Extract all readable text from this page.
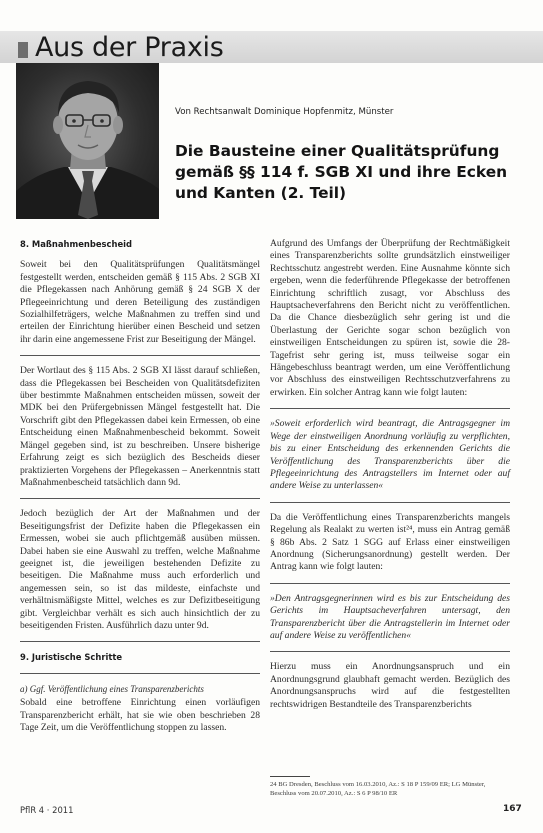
Aus der Praxis
Von Rechtsanwalt Dominique Hopfenmitz, Münster
Die Bausteine einer Qualitätsprüfung
gemäß §§ 114 f. SGB XI und ihre Ecken
und Kanten (2. Teil)
8. Maßnahmenbescheid

Soweit bei den Qualitätsprüfungen Qualitätsmängel festgestellt werden, entscheiden gemäß § 115 Abs. 2 SGB XI die Pflegekassen nach Anhörung gemäß § 24 SGB X der Pflegeeinrichtung und deren Beteiligung des zuständigen Sozialhilfeträgers, welche Maßnahmen zu treffen sind und erteilen der Einrichtung hierüber einen Bescheid und setzen ihr darin eine angemessene Frist zur Beseitigung der Mängel.

Der Wortlaut des § 115 Abs. 2 SGB XI lässt darauf schließen, dass die Pflegekassen bei Bescheiden von Qualitätsdefiziten über bestimmte Maßnahmen entscheiden müssen, soweit der MDK bei den Prüfergebnissen Mängel festgestellt hat. Die Vorschrift gibt den Pflegekassen dabei kein Ermessen, ob eine Entscheidung einen Maßnahmenbescheid bekommt. Soweit Mängel gegeben sind, ist zu beschreiben. Unsere bisherige Erfahrung zeigt es sich bezüglich des Bescheids dieser praktizierten Vorgehens der Pflegekassen – Anerkenntnis statt Maßnahmenbescheid tatsächlich dann 9d.

Jedoch bezüglich der Art der Maßnahmen und der Beseitigungsfrist der Defizite haben die Pflegekassen ein Ermessen, wobei sie auch pflichtgemäß ausüben müssen. Dabei haben sie eine Auswahl zu treffen, welche Maßnahme geeignet ist, die jeweiligen bestehenden Defizite zu beseitigen. Die Maßnahme muss auch erforderlich und angemessen sein, so ist das mildeste, einfachste und verhältnismäßigste Mittel, welches es zur Defizitbeseitigung gibt. Vergleichbar verhält es sich auch hinsichtlich der zu beseitigenden Fristen. Ausführlich dazu unter 9d.

9. Juristische Schritte
a) Ggf. Veröffentlichung eines Transparenzberichts

Sobald eine betroffene Einrichtung einen vorläufigen Transparenzbericht erhält, hat sie wie oben beschrieben 28 Tage Zeit, um die Veröffentlichung stoppen zu lassen.

Aufgrund des Umfangs der Überprüfung der Rechtmäßigkeit eines Transparenzberichts sollte grundsätzlich einstweiliger Rechtsschutz angestrebt werden. Eine Ausnahme könnte sich ergeben, wenn die federführende Pflegekasse der betroffenen Einrichtung schriftlich zusagt, vor Abschluss des Hauptsacheverfahrens den Bericht nicht zu veröffentlichen. Da die Chance diesbezüglich sehr gering ist und die Überlastung der Gerichte sogar schon bezüglich von einstweiligen Entscheidungen zu spüren ist, sowie die 28-Tagefrist sehr gering ist, muss teilweise sogar ein Hängebeschluss beantragt werden, um eine Veröffentlichung vor Abschluss des einstweiligen Rechtsschutzverfahrens zu erwirken. Ein solcher Antrag kann wie folgt lauten:

»Soweit erforderlich wird beantragt, die Antragsgegner im Wege der einstweiligen Anordnung vorläufig zu verpflichten, bis zu einer Entscheidung des erkennenden Gerichts die Veröffentlichung des Transparenzberichts über die Pflegeeinrichtung des Antragstellers im Internet oder auf andere Weise zu unterlassen«

Da die Veröffentlichung eines Transparenzberichts mangels Regelung als Realakt zu werten ist²⁴, muss ein Antrag gemäß § 86b Abs. 2 Satz 1 SGG auf Erlass einer einstweiligen Anordnung (Sicherungsanordnung) gestellt werden. Der Antrag kann wie folgt lauten:

»Den Antragsgegnerinnen wird es bis zur Entscheidung des Gerichts im Hauptsacheverfahren untersagt, den Transparenzbericht über die Antragstellerin im Internet oder auf andere Weise zu veröffentlichen«

Hierzu muss ein Anordnungsanspruch und ein Anordnungsgrund glaubhaft gemacht werden. Bezüglich des Anordnungsanspruchs wird auf die festgestellten rechtswidrigen Bestandteile des Transparenzberichts

24 BG Dresden, Beschluss vom 16.03.2010, Az.: S 18 P 159/09 ER; LG Münster, Beschluss vom 20.07.2010, Az.: S 6 P 98/10 ER
PflR 4 · 2011	167
